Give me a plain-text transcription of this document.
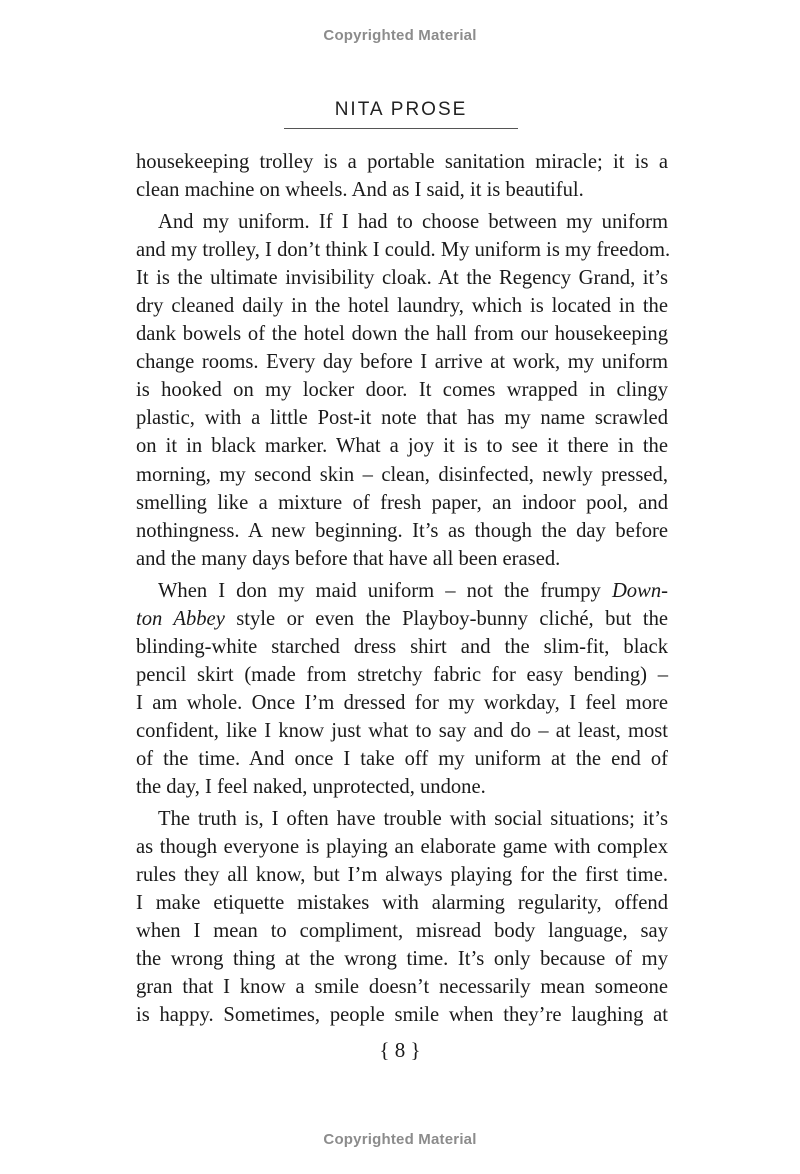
Copyrighted Material
NITA PROSE
housekeeping trolley is a portable sanitation miracle; it is a
clean machine on wheels. And as I said, it is beautiful.
And my uniform. If I had to choose between my uniform
and my trolley, I don’t think I could. My uniform is my freedom.
It is the ultimate invisibility cloak. At the Regency Grand, it’s
dry cleaned daily in the hotel laundry, which is located in the
dank bowels of the hotel down the hall from our housekeeping
change rooms. Every day before I arrive at work, my uniform
is hooked on my locker door. It comes wrapped in clingy
plastic, with a little Post-it note that has my name scrawled
on it in black marker. What a joy it is to see it there in the
morning, my second skin – clean, disinfected, newly pressed,
smelling like a mixture of fresh paper, an indoor pool, and
nothingness. A new beginning. It’s as though the day before
and the many days before that have all been erased.
When I don my maid uniform – not the frumpy Down-
ton Abbey style or even the Playboy-bunny cliché, but the
blinding-white starched dress shirt and the slim-fit, black
pencil skirt (made from stretchy fabric for easy bending) –
I am whole. Once I’m dressed for my workday, I feel more
confident, like I know just what to say and do – at least, most
of the time. And once I take off my uniform at the end of
the day, I feel naked, unprotected, undone.
The truth is, I often have trouble with social situations; it’s
as though everyone is playing an elaborate game with complex
rules they all know, but I’m always playing for the first time.
I make etiquette mistakes with alarming regularity, offend
when I mean to compliment, misread body language, say
the wrong thing at the wrong time. It’s only because of my
gran that I know a smile doesn’t necessarily mean someone
is happy. Sometimes, people smile when they’re laughing at
{ 8 }
Copyrighted Material
